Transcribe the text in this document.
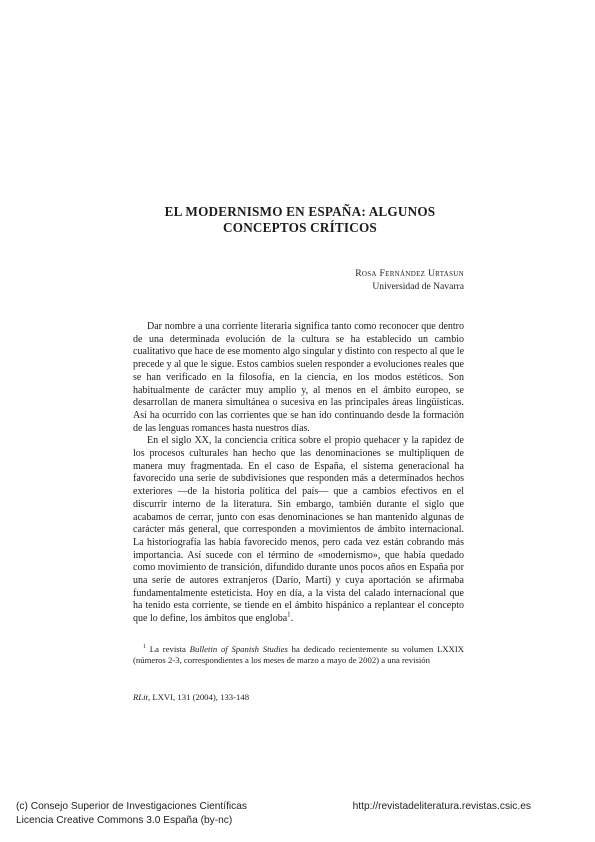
EL MODERNISMO EN ESPAÑA: ALGUNOS
CONCEPTOS CRÍTICOS
Rosa Fernández Urtasun
Universidad de Navarra

Dar nombre a una corriente literaria significa tanto como reconocer que dentro de una determinada evolución de la cultura se ha establecido un cambio cualitativo que hace de ese momento algo singular y distinto con respecto al que le precede y al que le sigue. Estos cambios suelen responder a evoluciones reales que se han verificado en la filosofía, en la ciencia, en los modos estéticos. Son habitualmente de carácter muy amplio y, al menos en el ámbito europeo, se desarrollan de manera simultánea o sucesiva en las principales áreas lingüísticas. Así ha ocurrido con las corrientes que se han ido continuando desde la formación de las lenguas romances hasta nuestros días.

En el siglo XX, la conciencia crítica sobre el propio quehacer y la rapidez de los procesos culturales han hecho que las denominaciones se multipliquen de manera muy fragmentada. En el caso de España, el sistema generacional ha favorecido una serie de subdivisiones que responden más a determinados hechos exteriores —de la historia política del país— que a cambios efectivos en el discurrir interno de la literatura. Sin embargo, también durante el siglo que acabamos de cerrar, junto con esas denominaciones se han mantenido algunas de carácter más general, que corresponden a movimientos de ámbito internacional. La historiografía las había favorecido menos, pero cada vez están cobrando más importancia. Así sucede con el término de «modernismo», que había quedado como movimiento de transición, difundido durante unos pocos años en España por una serie de autores extranjeros (Darío, Martí) y cuya aportación se afirmaba fundamentalmente esteticista. Hoy en día, a la vista del calado internacional que ha tenido esta corriente, se tiende en el ámbito hispánico a replantear el concepto que lo define, los ámbitos que engloba$^1$.

$^1$ La revista Bulletin of Spanish Studies ha dedicado recientemente su volumen LXXIX (números 2-3, correspondientes a los meses de marzo a mayo de 2002) a una revisión

RLit, LXVI, 131 (2004), 133-148
(c) Consejo Superior de Investigaciones Científicas
Licencia Creative Commons 3.0 España (by-nc)
http://revistadeliteratura.revistas.csic.es
